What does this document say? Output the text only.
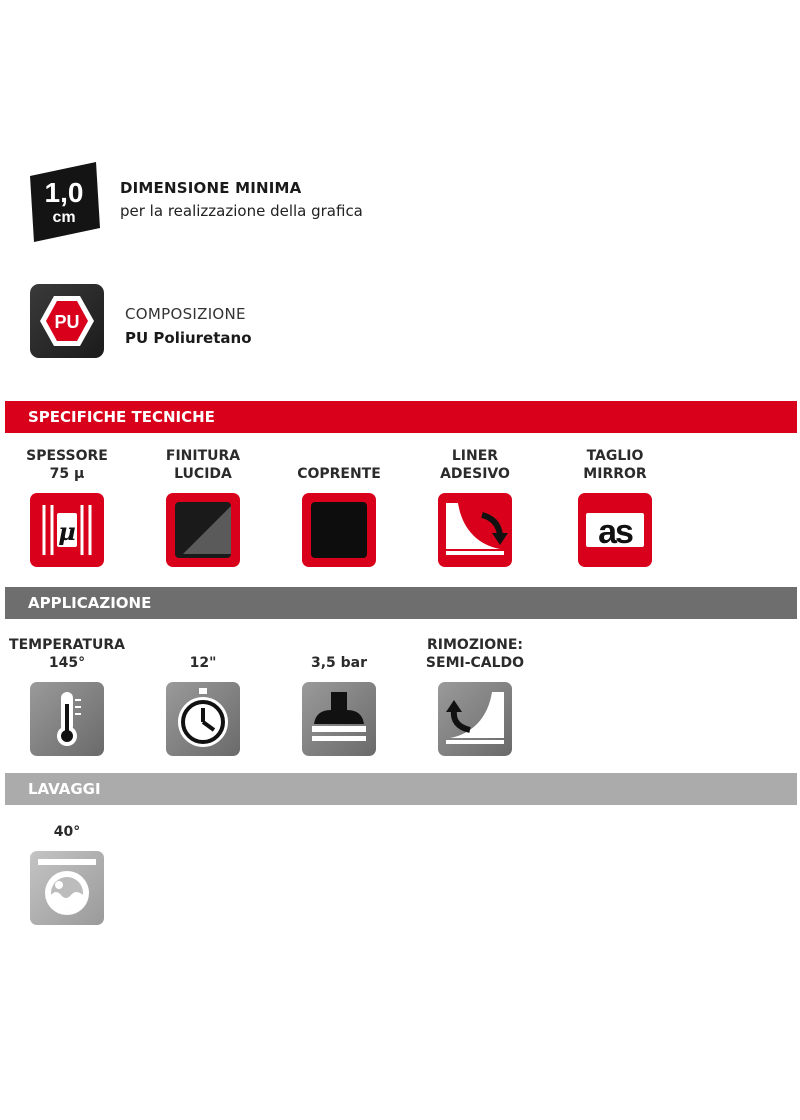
1,0
cm
DIMENSIONE MINIMA
per la realizzazione della grafica
PU	COMPOSIZIONE
PU Poliuretano
SPECIFICHE TECNICHE
SPESSORE
75 µ
μ
FINITURA
LUCIDA	COPRENTE
LINER
ADESIVO
TAGLIO
MIRROR
as
APPLICAZIONE
TEMPERATURA
145°	12"	3,5 bar
RIMOZIONE:
SEMI-CALDO
LAVAGGI
40°
